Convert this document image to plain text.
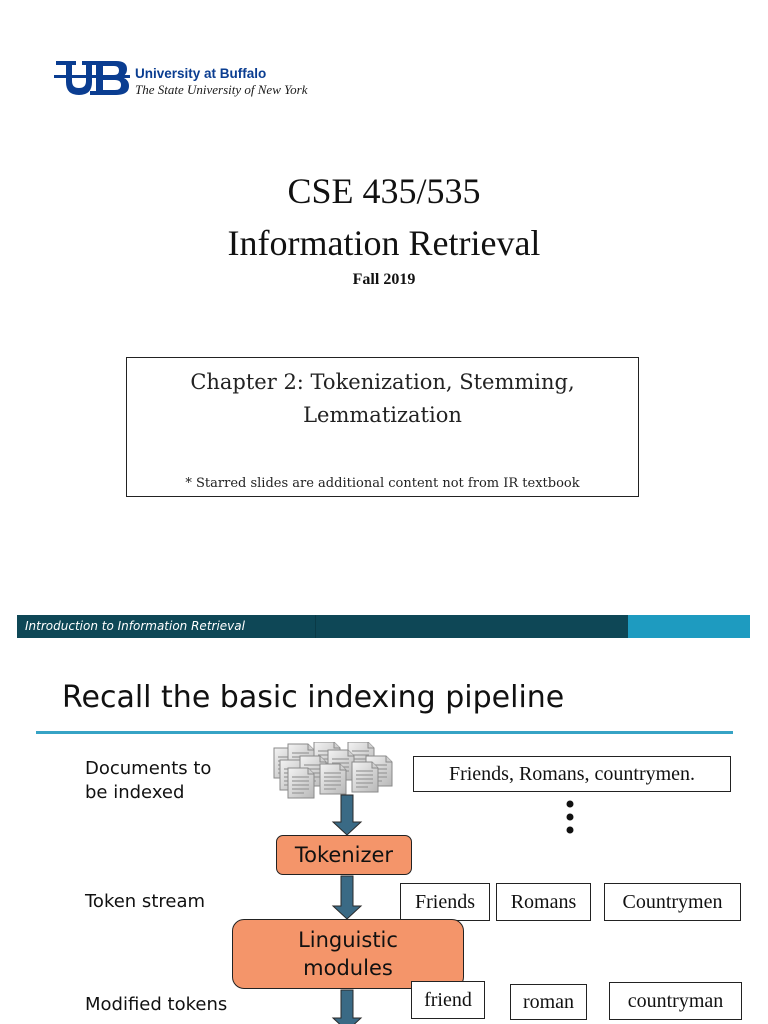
University at Buffalo
The State University of New York
CSE 435/535
Information Retrieval
Fall 2019
Chapter 2: Tokenization, Stemming,
Lemmatization
* Starred slides are additional content not from IR textbook
Introduction to Information Retrieval
Recall the basic indexing pipeline
Documents to
be indexed
Token stream
Modified tokens
Friends, Romans, countrymen.
Tokenizer
Friends	Romans	Countrymen
Linguistic
modules
friend	roman	countryman
